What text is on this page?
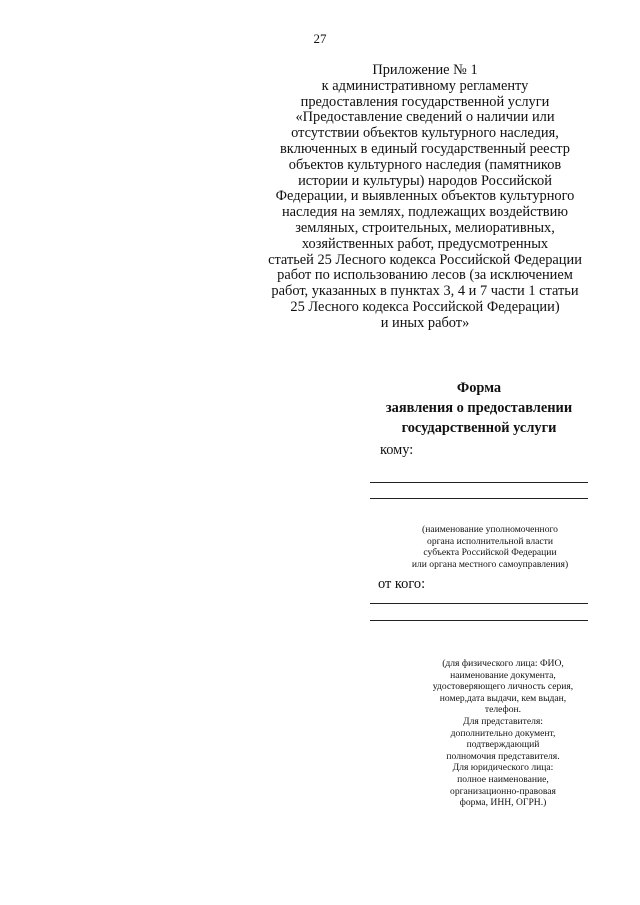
27
Приложение № 1
к административному регламенту
предоставления государственной услуги
«Предоставление сведений о наличии или
отсутствии объектов культурного наследия,
включенных в единый государственный реестр
объектов культурного наследия (памятников
истории и культуры) народов Российской
Федерации, и выявленных объектов культурного
наследия на землях, подлежащих воздействию
земляных, строительных, мелиоративных,
хозяйственных работ, предусмотренных
статьей 25 Лесного кодекса Российской Федерации
работ по использованию лесов (за исключением
работ, указанных в пунктах 3, 4 и 7 части 1 статьи
25 Лесного кодекса Российской Федерации)
и иных работ»
Форма
заявления о предоставлении
государственной услуги
кому:
(наименование уполномоченного
органа исполнительной власти
субъекта Российской Федерации
или органа местного самоуправления)
от кого:
(для физического лица: ФИО,
наименование документа,
удостоверяющего личность серия,
номер,дата выдачи, кем выдан,
телефон.
Для представителя:
дополнительно документ,
подтверждающий
полномочия представителя.
Для юридического лица:
полное наименование,
организационно-правовая
форма, ИНН, ОГРН.)
